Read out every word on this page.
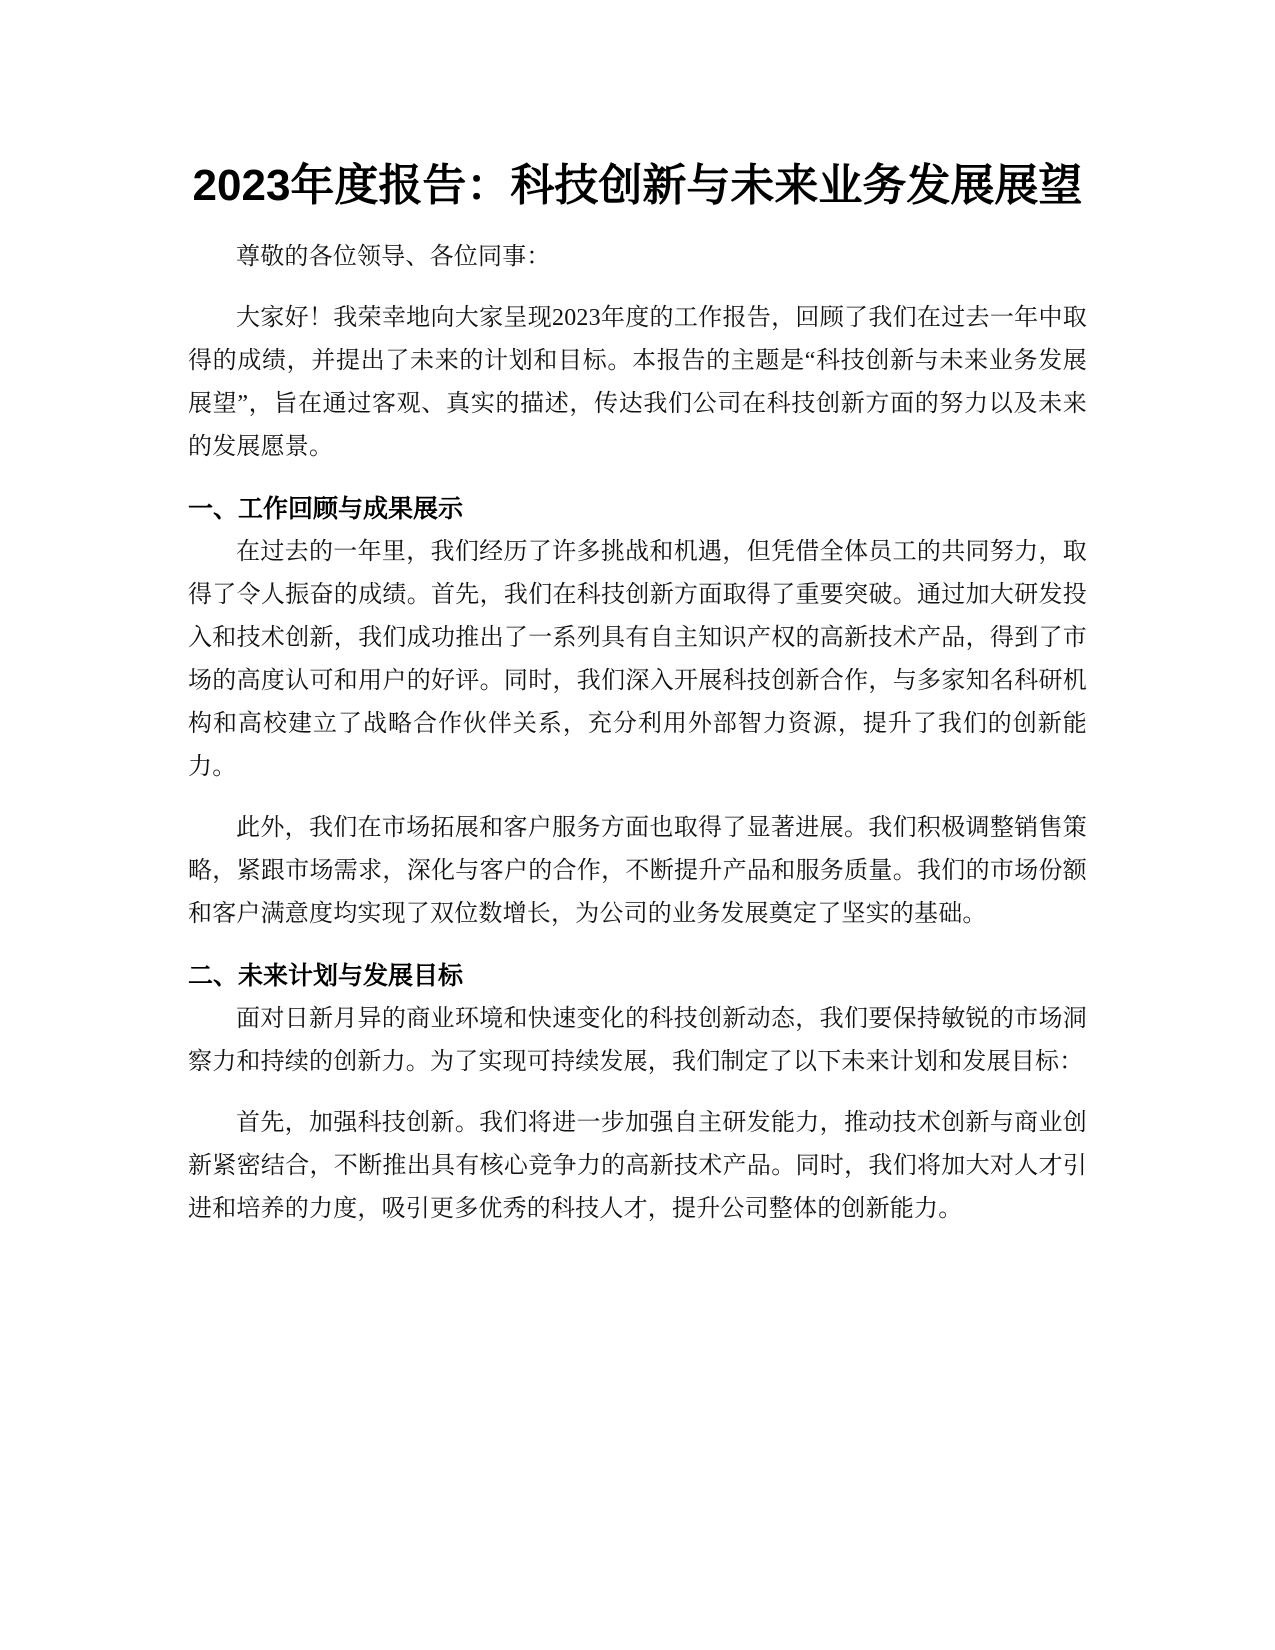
2023年度报告：科技创新与未来业务发展展望

尊敬的各位领导、各位同事：

大家好！我荣幸地向大家呈现2023年度的工作报告，回顾了我们在过去一年中取得的成绩，并提出了未来的计划和目标。本报告的主题是“科技创新与未来业务发展展望”，旨在通过客观、真实的描述，传达我们公司在科技创新方面的努力以及未来的发展愿景。

一、工作回顾与成果展示

在过去的一年里，我们经历了许多挑战和机遇，但凭借全体员工的共同努力，取得了令人振奋的成绩。首先，我们在科技创新方面取得了重要突破。通过加大研发投入和技术创新，我们成功推出了一系列具有自主知识产权的高新技术产品，得到了市场的高度认可和用户的好评。同时，我们深入开展科技创新合作，与多家知名科研机构和高校建立了战略合作伙伴关系，充分利用外部智力资源，提升了我们的创新能力。

此外，我们在市场拓展和客户服务方面也取得了显著进展。我们积极调整销售策略，紧跟市场需求，深化与客户的合作，不断提升产品和服务质量。我们的市场份额和客户满意度均实现了双位数增长，为公司的业务发展奠定了坚实的基础。

二、未来计划与发展目标

面对日新月异的商业环境和快速变化的科技创新动态，我们要保持敏锐的市场洞察力和持续的创新力。为了实现可持续发展，我们制定了以下未来计划和发展目标：

首先，加强科技创新。我们将进一步加强自主研发能力，推动技术创新与商业创新紧密结合，不断推出具有核心竞争力的高新技术产品。同时，我们将加大对人才引进和培养的力度，吸引更多优秀的科技人才，提升公司整体的创新能力。
